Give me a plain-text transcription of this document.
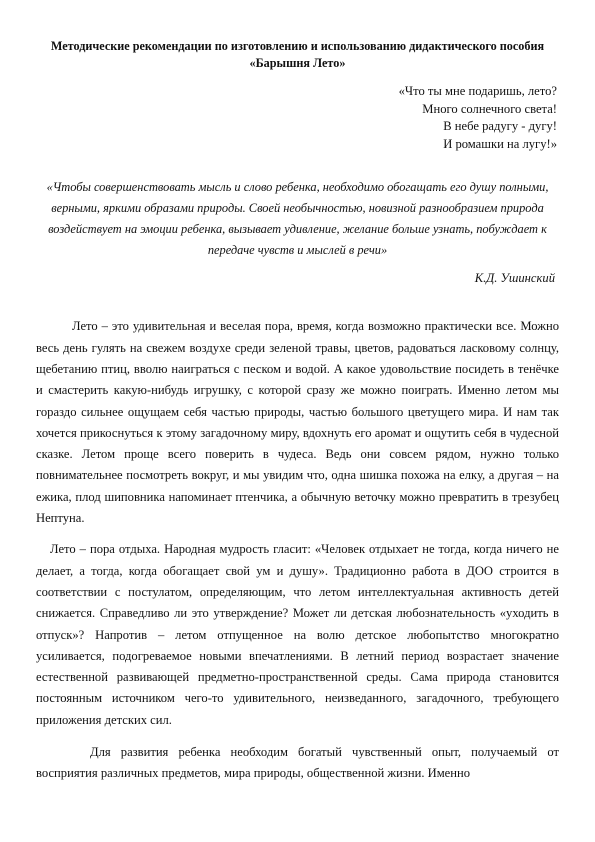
Методические рекомендации по изготовлению и использованию дидактического пособия «Барышня Лето»
«Что ты мне подаришь, лето?
Много солнечного света!
В небе радугу - дугу!
И ромашки на лугу!»
«Чтобы совершенствовать мысль и слово ребенка, необходимо обогащать его душу полными, верными, яркими образами природы. Своей необычностью, новизной разнообразием природа воздействует на эмоции ребенка, вызывает удивление, желание больше узнать, побуждает к передаче чувств и мыслей в речи»
К.Д. Ушинский

Лето – это удивительная и веселая пора, время, когда возможно практически все. Можно весь день гулять на свежем воздухе среди зеленой травы, цветов, радоваться ласковому солнцу, щебетанию птиц, вволю наиграться с песком и водой. А какое удовольствие посидеть в тенёчке и смастерить какую-нибудь игрушку, с которой сразу же можно поиграть. Именно летом мы гораздо сильнее ощущаем себя частью природы, частью большого цветущего мира. И нам так хочется прикоснуться к этому загадочному миру, вдохнуть его аромат и ощутить себя в чудесной сказке. Летом проще всего поверить в чудеса. Ведь они совсем рядом, нужно только повнимательнее посмотреть вокруг, и мы увидим что, одна шишка похожа на елку, а другая – на ежика, плод шиповника напоминает птенчика, а обычную веточку можно превратить в трезубец Нептуна.

Лето – пора отдыха. Народная мудрость гласит: «Человек отдыхает не тогда, когда ничего не делает, а тогда, когда обогащает свой ум и душу». Традиционно работа в ДОО строится в соответствии с постулатом, определяющим, что летом интеллектуальная активность детей снижается. Справедливо ли это утверждение? Может ли детская любознательность «уходить в отпуск»? Напротив – летом отпущенное на волю детское любопытство многократно усиливается, подогреваемое новыми впечатлениями. В летний период возрастает значение естественной развивающей предметно-пространственной среды. Сама природа становится постоянным источником чего-то удивительного, неизведанного, загадочного, требующего приложения детских сил.

Для развития ребенка необходим богатый чувственный опыт, получаемый от восприятия различных предметов, мира природы, общественной жизни. Именно
